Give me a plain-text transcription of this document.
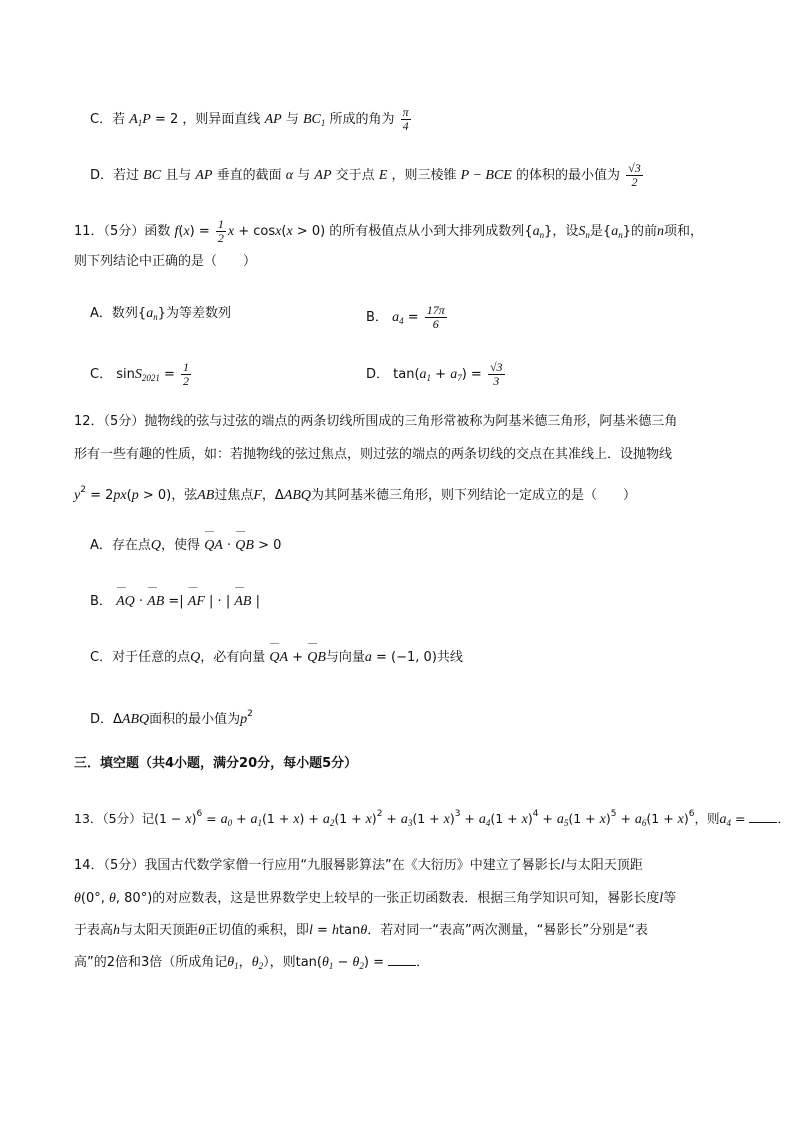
C．若 $A_1P = 2$ ，则异面直线 AP 与 $BC_1$ 所成的角为 $\frac{\pi}{4}$
D．若过 BC 且与 AP 垂直的截面 α 与 AP 交于点 E ，则三棱锥 P − BCE 的体积的最小值为 $\frac{√3}{2}$
11．（5分）函数 $f(x) = \frac{1}{2}$ x + cosx(x > 0) 的所有极值点从小到大排列成数列$\{a_n\}$，设$S_n$是$\{a_n\}$的前n项和，
则下列结论中正确的是（　　）
A．数列$\{a_n\}$为等差数列	B． $a_4 = \frac{17\pi}{6}$
C． $\sin S_{2021} = \frac{1}{2}$	D． $\tan(a_1 + a_7) = \frac{√3}{3}$
12．（5分）抛物线的弦与过弦的端点的两条切线所围成的三角形常被称为阿基米德三角形，阿基米德三角
形有一些有趣的性质，如：若抛物线的弦过焦点，则过弦的端点的两条切线的交点在其准线上．设抛物线
$y^2 = 2px(p > 0)$，弦AB过焦点F，ΔABQ为其阿基米德三角形，则下列结论一定成立的是（　　）
A．存在点Q，使得 ¯¯ QA · ¯¯ QB > 0
B． ¯¯ AQ · ¯¯ AB =| ¯¯ AF | · | ¯¯ AB |
C．对于任意的点Q，必有向量 ¯¯ QA + ¯¯ QB与向量a = (−1, 0)共线
D．ΔABQ面积的最小值为$p^2$
三．填空题（共4小题，满分20分，每小题5分）
13．（5分）记$(1 - x)^6 = a_0 + a_1(1 + x) + a_2(1 + x)^2 + a_3(1 + x)^3 + a_4(1 + x)^4 + a_5(1 + x)^5 + a_6(1 + x)^6$，则$a_4$ = ．
14．（5分）我国古代数学家僧一行应用“九服晷影算法”在《大衍历》中建立了晷影长l与太阳天顶距
θ(0°, θ, 80°)的对应数表，这是世界数学史上较早的一张正切函数表．根据三角学知识可知，晷影长度l等
于表高h与太阳天顶距θ正切值的乘积，即l = htanθ．若对同一“表高”两次测量，“晷影长”分别是“表
高”的2倍和3倍（所成角记$\theta_1$，$\theta_2$），则$\tan(\theta_1 - \theta_2)$ = ．
